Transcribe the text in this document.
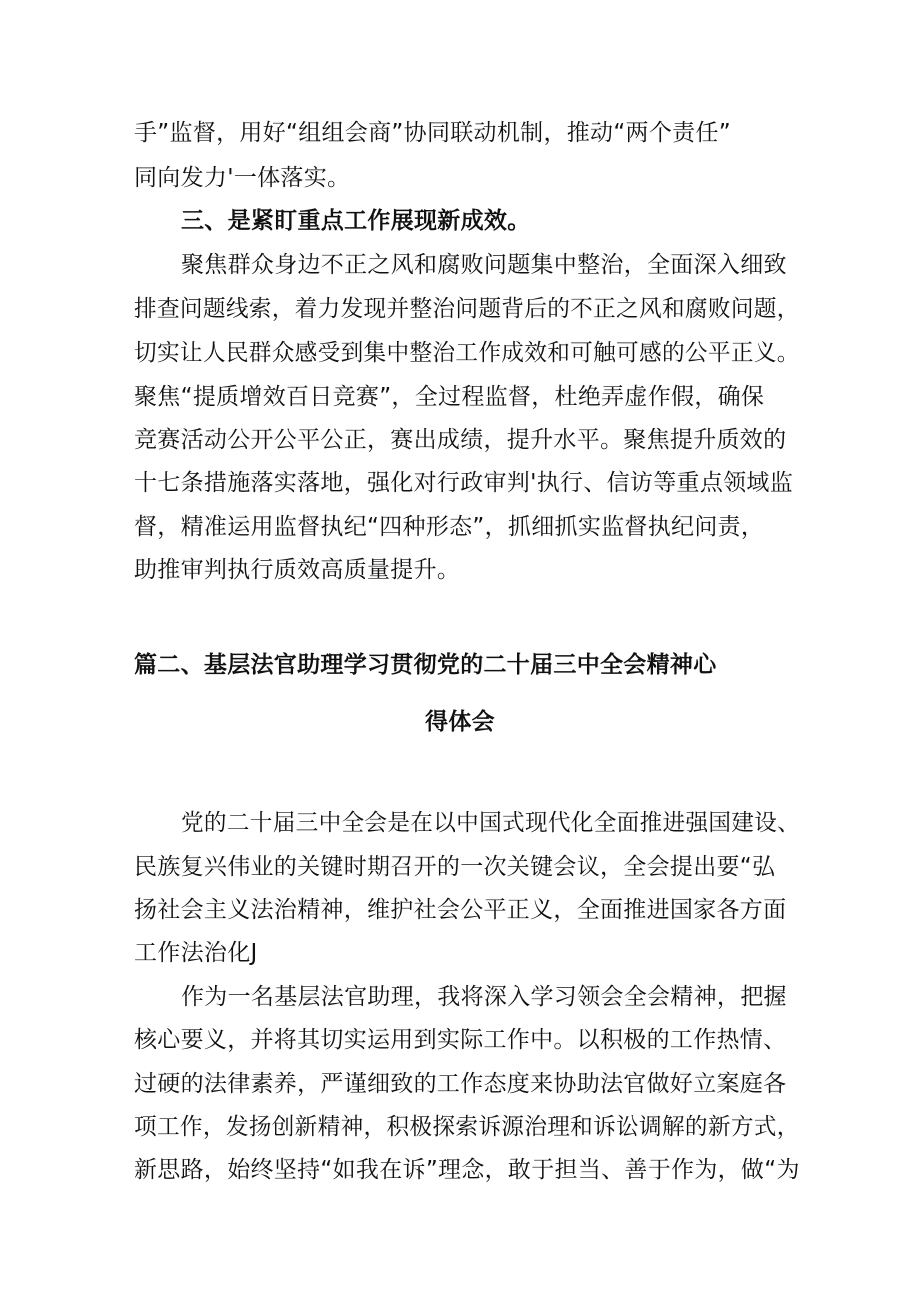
手”监督，用好“组组会商”协同联动机制，推动“两个责任”
同向发力'一体落实。
三、是紧盯重点工作展现新成效。
聚焦群众身边不正之风和腐败问题集中整治，全面深入细致
排查问题线索，着力发现并整治问题背后的不正之风和腐败问题，
切实让人民群众感受到集中整治工作成效和可触可感的公平正义。
聚焦“提质增效百日竞赛”，全过程监督，杜绝弄虚作假，确保
竞赛活动公开公平公正，赛出成绩，提升水平。聚焦提升质效的
十七条措施落实落地，强化对行政审判'执行、信访等重点领域监
督，精准运用监督执纪“四种形态”，抓细抓实监督执纪问责，
助推审判执行质效高质量提升。
篇二、基层法官助理学习贯彻党的二十届三中全会精神心
得体会
党的二十届三中全会是在以中国式现代化全面推进强国建设、
民族复兴伟业的关键时期召开的一次关键会议，全会提出要“弘
扬社会主义法治精神，维护社会公平正义，全面推进国家各方面
工作法治化J
作为一名基层法官助理，我将深入学习领会全会精神，把握
核心要义，并将其切实运用到实际工作中。以积极的工作热情、
过硬的法律素养，严谨细致的工作态度来协助法官做好立案庭各
项工作，发扬创新精神，积极探索诉源治理和诉讼调解的新方式，
新思路，始终坚持“如我在诉”理念，敢于担当、善于作为，做“为
